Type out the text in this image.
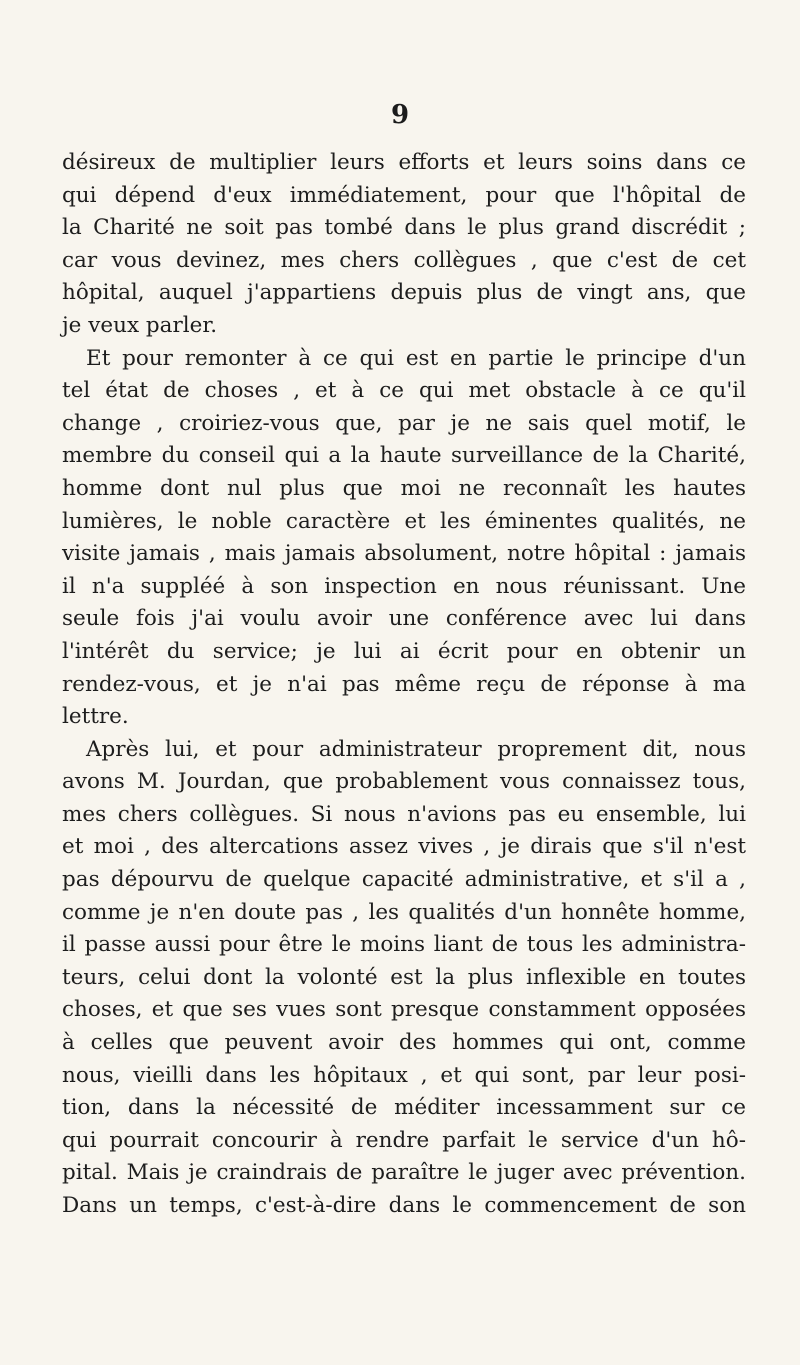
9
désireux de multiplier leurs efforts et leurs soins dans ce
qui dépend d'eux immédiatement, pour que l'hôpital de
la Charité ne soit pas tombé dans le plus grand discrédit ;
car vous devinez, mes chers collègues , que c'est de cet
hôpital, auquel j'appartiens depuis plus de vingt ans, que
je veux parler.
Et pour remonter à ce qui est en partie le principe d'un
tel état de choses , et à ce qui met obstacle à ce qu'il
change , croiriez-vous que, par je ne sais quel motif, le
membre du conseil qui a la haute surveillance de la Charité,
homme dont nul plus que moi ne reconnaît les hautes
lumières, le noble caractère et les éminentes qualités, ne
visite jamais , mais jamais absolument, notre hôpital : jamais
il n'a suppléé à son inspection en nous réunissant. Une
seule fois j'ai voulu avoir une conférence avec lui dans
l'intérêt du service; je lui ai écrit pour en obtenir un
rendez-vous, et je n'ai pas même reçu de réponse à ma
lettre.
Après lui, et pour administrateur proprement dit, nous
avons M. Jourdan, que probablement vous connaissez tous,
mes chers collègues. Si nous n'avions pas eu ensemble, lui
et moi , des altercations assez vives , je dirais que s'il n'est
pas dépourvu de quelque capacité administrative, et s'il a ,
comme je n'en doute pas , les qualités d'un honnête homme,
il passe aussi pour être le moins liant de tous les administra-
teurs, celui dont la volonté est la plus inflexible en toutes
choses, et que ses vues sont presque constamment opposées
à celles que peuvent avoir des hommes qui ont, comme
nous, vieilli dans les hôpitaux , et qui sont, par leur posi-
tion, dans la nécessité de méditer incessamment sur ce
qui pourrait concourir à rendre parfait le service d'un hô-
pital. Mais je craindrais de paraître le juger avec prévention.
Dans un temps, c'est-à-dire dans le commencement de son
